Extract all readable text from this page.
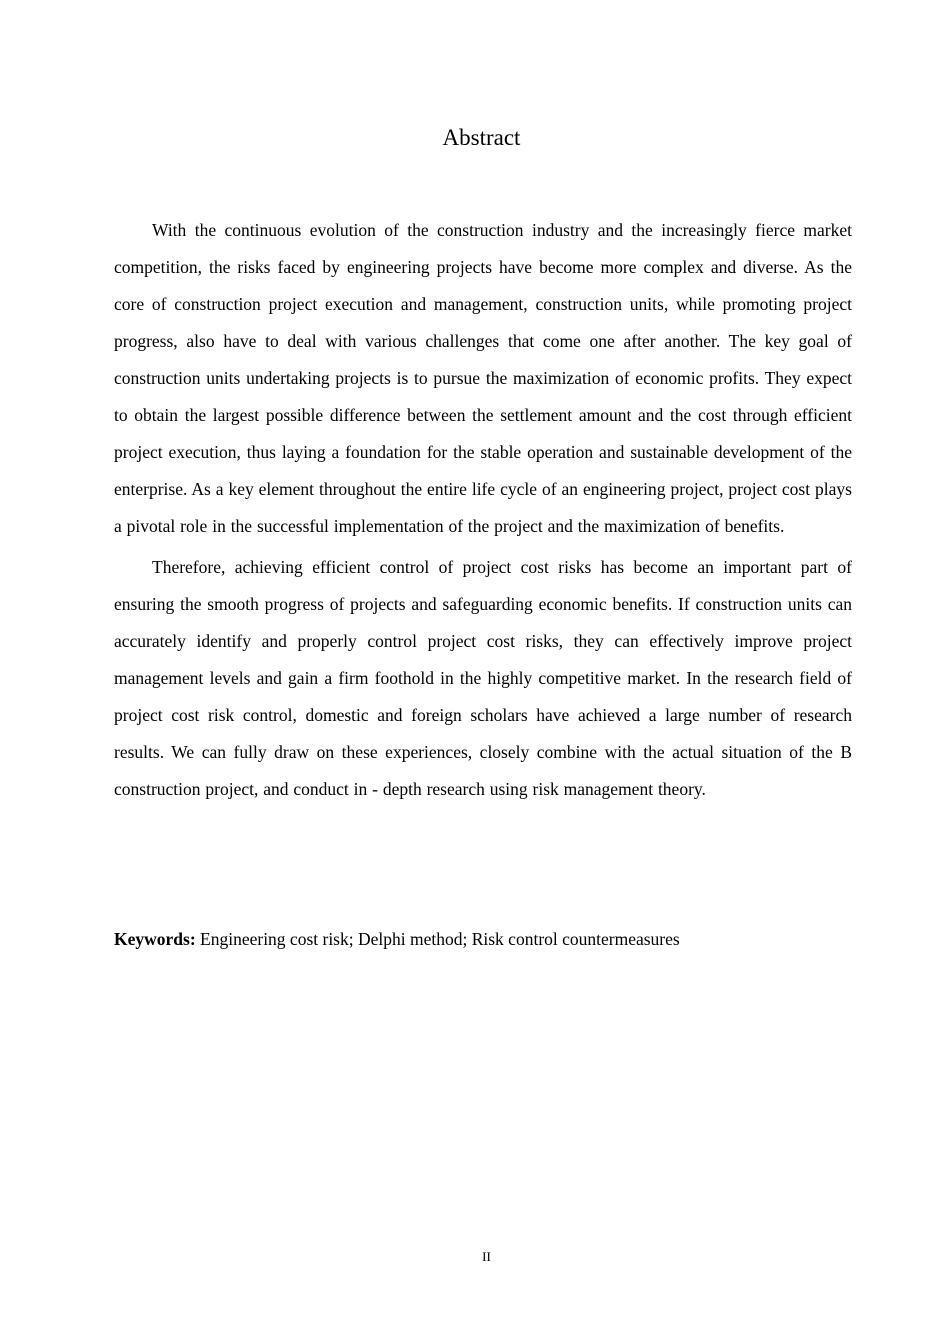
Abstract

With the continuous evolution of the construction industry and the increasingly fierce market competition, the risks faced by engineering projects have become more complex and diverse. As the core of construction project execution and management, construction units, while promoting project progress, also have to deal with various challenges that come one after another. The key goal of construction units undertaking projects is to pursue the maximization of economic profits. They expect to obtain the largest possible difference between the settlement amount and the cost through efficient project execution, thus laying a foundation for the stable operation and sustainable development of the enterprise. As a key element throughout the entire life cycle of an engineering project, project cost plays a pivotal role in the successful implementation of the project and the maximization of benefits.

Therefore, achieving efficient control of project cost risks has become an important part of ensuring the smooth progress of projects and safeguarding economic benefits. If construction units can accurately identify and properly control project cost risks, they can effectively improve project management levels and gain a firm foothold in the highly competitive market. In the research field of project cost risk control, domestic and foreign scholars have achieved a large number of research results. We can fully draw on these experiences, closely combine with the actual situation of the B construction project, and conduct in - depth research using risk management theory.

Keywords: Engineering cost risk; Delphi method; Risk control countermeasures

II
